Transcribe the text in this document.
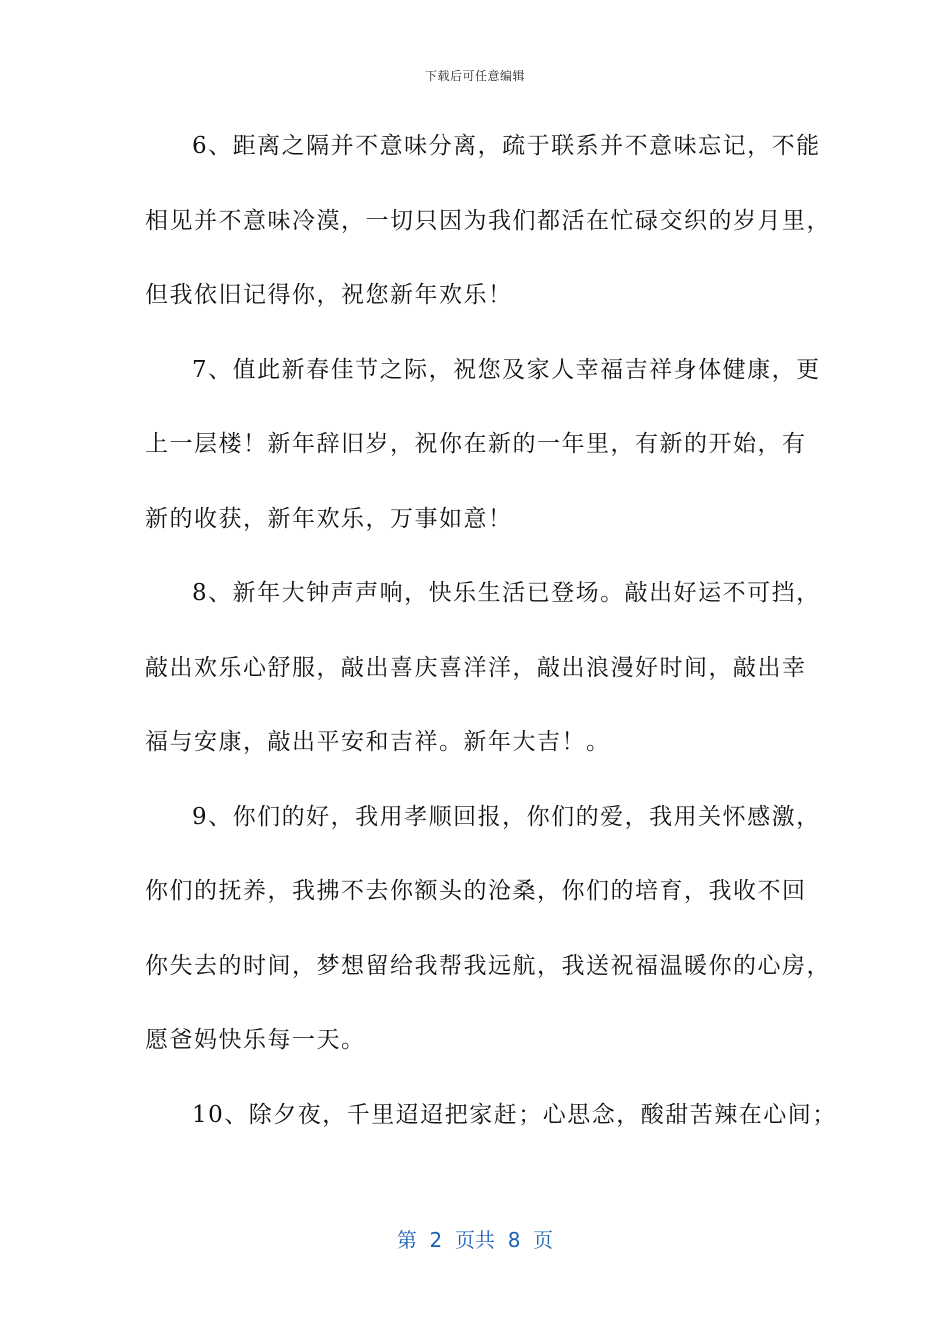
下载后可任意编辑
6、距离之隔并不意味分离，疏于联系并不意味忘记，不能
相见并不意味冷漠，一切只因为我们都活在忙碌交织的岁月里，
但我依旧记得你，祝您新年欢乐！
7、值此新春佳节之际，祝您及家人幸福吉祥身体健康，更
上一层楼！新年辞旧岁，祝你在新的一年里，有新的开始，有
新的收获，新年欢乐，万事如意！
8、新年大钟声声响，快乐生活已登场。敲出好运不可挡，
敲出欢乐心舒服，敲出喜庆喜洋洋，敲出浪漫好时间，敲出幸
福与安康，敲出平安和吉祥。新年大吉！。
9、你们的好，我用孝顺回报，你们的爱，我用关怀感激，
你们的抚养，我拂不去你额头的沧桑，你们的培育，我收不回
你失去的时间，梦想留给我帮我远航，我送祝福温暖你的心房，
愿爸妈快乐每一天。
10、除夕夜，千里迢迢把家赶；心思念，酸甜苦辣在心间；
第  2  页共  8  页
